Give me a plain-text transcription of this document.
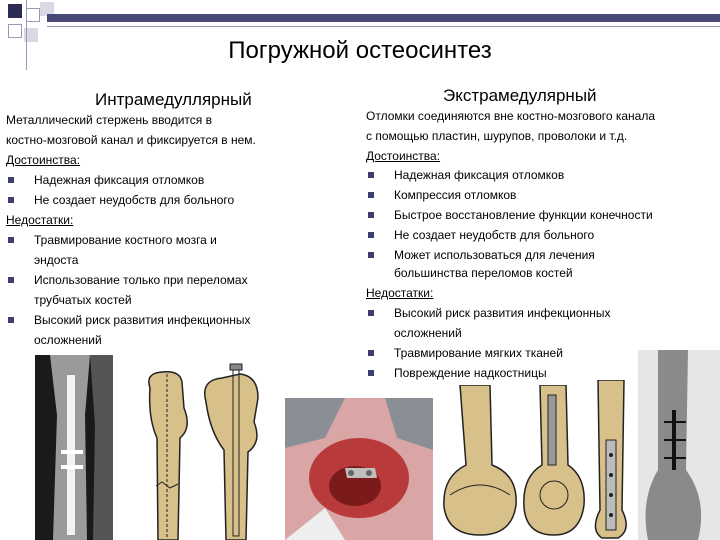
Погружной остеосинтез
Интрамедуллярный
Металлический стержень вводится в
костно-мозговой канал и фиксируется в нем.
Достоинства:
Надежная фиксация отломков
Не создает неудобств для больного
Недостатки:
Травмирование костного мозга и
эндоста
Использование только при переломах
трубчатых костей
Высокий риск развития инфекционных
осложнений
Экстрамедулярный
Отломки соединяются вне костно-мозгового канала
с помощью пластин, шурупов, проволоки и т.д.
Достоинства:
Надежная фиксация отломков
Компрессия отломков
Быстрое восстановление функции конечности
Не создает неудобств для больного
Может использоваться для лечения
большинства переломов костей
Недостатки:
Высокий риск развития инфекционных
осложнений
Травмирование мягких тканей
Повреждение надкостницы
